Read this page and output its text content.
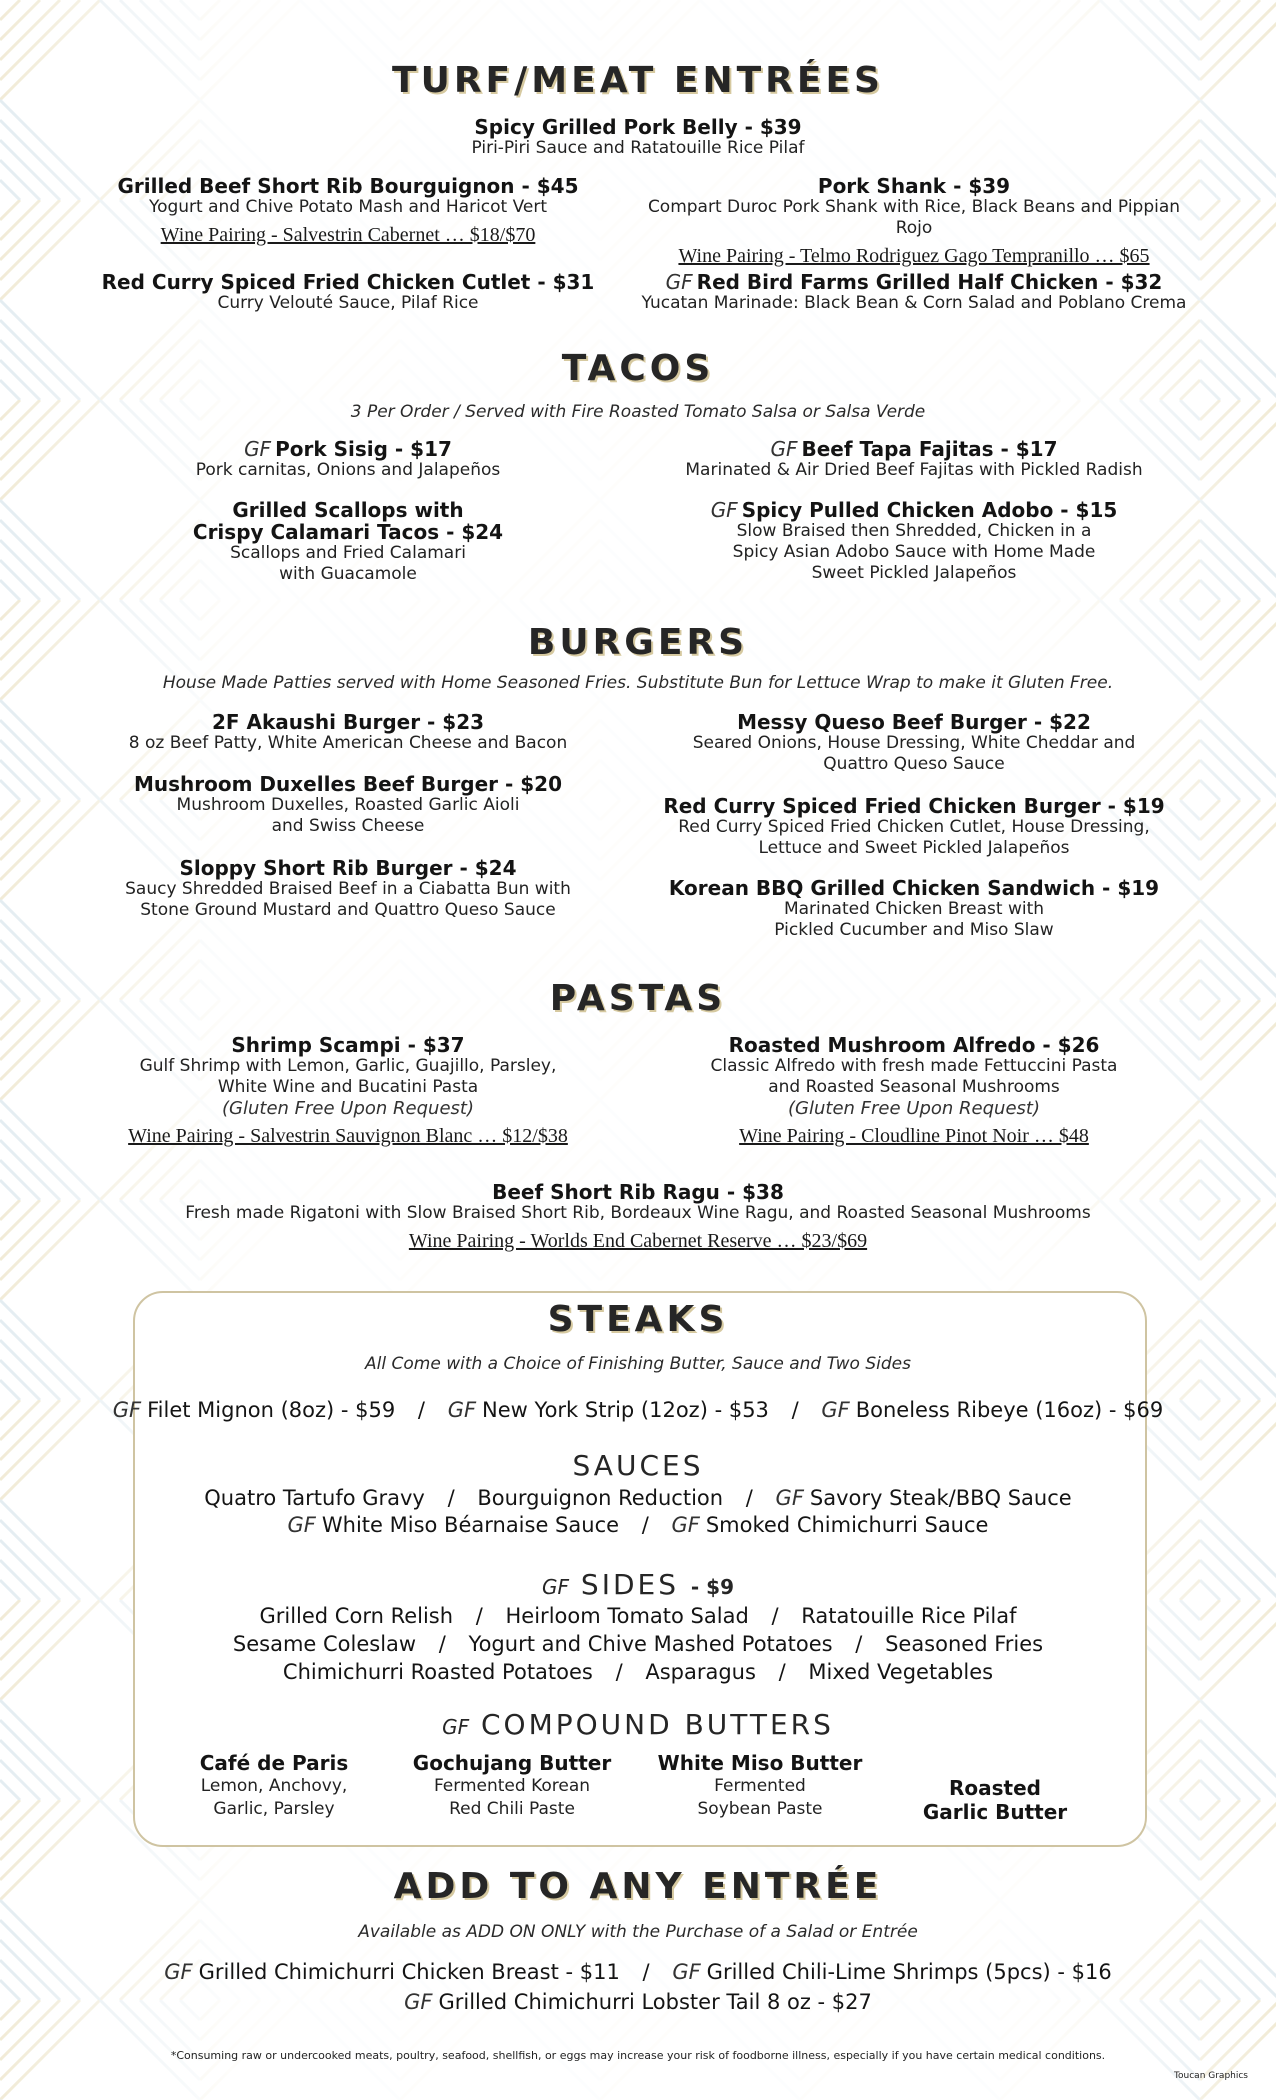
TURF/MEAT ENTRÉES
Spicy Grilled Pork Belly - $39
Piri-Piri Sauce and Ratatouille Rice Pilaf
Grilled Beef Short Rib Bourguignon - $45
Yogurt and Chive Potato Mash and Haricot Vert
Wine Pairing - Salvestrin Cabernet … $18/$70
Pork Shank - $39
Compart Duroc Pork Shank with Rice, Black Beans and Pippian Rojo
Wine Pairing - Telmo Rodriguez Gago Tempranillo … $65
Red Curry Spiced Fried Chicken Cutlet - $31
Curry Velouté Sauce, Pilaf Rice
GF Red Bird Farms Grilled Half Chicken - $32
Yucatan Marinade: Black Bean & Corn Salad and Poblano Crema
TACOS
3 Per Order / Served with Fire Roasted Tomato Salsa or Salsa Verde
GF Pork Sisig - $17
Pork carnitas, Onions and Jalapeños
GF Beef Tapa Fajitas - $17
Marinated & Air Dried Beef Fajitas with Pickled Radish
Grilled Scallops with
Crispy Calamari Tacos - $24
Scallops and Fried Calamari
with Guacamole
GF Spicy Pulled Chicken Adobo - $15
Slow Braised then Shredded, Chicken in a
Spicy Asian Adobo Sauce with Home Made
Sweet Pickled Jalapeños
BURGERS
House Made Patties served with Home Seasoned Fries. Substitute Bun for Lettuce Wrap to make it Gluten Free.
2F Akaushi Burger - $23
8 oz Beef Patty, White American Cheese and Bacon
Mushroom Duxelles Beef Burger - $20
Mushroom Duxelles, Roasted Garlic Aioli
and Swiss Cheese
Sloppy Short Rib Burger - $24
Saucy Shredded Braised Beef in a Ciabatta Bun with
Stone Ground Mustard and Quattro Queso Sauce
Messy Queso Beef Burger - $22
Seared Onions, House Dressing, White Cheddar and
Quattro Queso Sauce
Red Curry Spiced Fried Chicken Burger - $19
Red Curry Spiced Fried Chicken Cutlet, House Dressing,
Lettuce and Sweet Pickled Jalapeños
Korean BBQ Grilled Chicken Sandwich - $19
Marinated Chicken Breast with
Pickled Cucumber and Miso Slaw
PASTAS
Shrimp Scampi - $37
Gulf Shrimp with Lemon, Garlic, Guajillo, Parsley,
White Wine and Bucatini Pasta
(Gluten Free Upon Request)
Wine Pairing - Salvestrin Sauvignon Blanc … $12/$38
Roasted Mushroom Alfredo - $26
Classic Alfredo with fresh made Fettuccini Pasta
and Roasted Seasonal Mushrooms
(Gluten Free Upon Request)
Wine Pairing - Cloudline Pinot Noir … $48
Beef Short Rib Ragu - $38
Fresh made Rigatoni with Slow Braised Short Rib, Bordeaux Wine Ragu, and Roasted Seasonal Mushrooms
Wine Pairing - Worlds End Cabernet Reserve … $23/$69
STEAKS
All Come with a Choice of Finishing Butter, Sauce and Two Sides
GF Filet Mignon (8oz) - $59 / GF New York Strip (12oz) - $53 / GF Boneless Ribeye (16oz) - $69
SAUCES
Quatro Tartufo Gravy / Bourguignon Reduction / GF Savory Steak/BBQ Sauce
GF White Miso Béarnaise Sauce / GF Smoked Chimichurri Sauce
GF SIDES - $9
Grilled Corn Relish / Heirloom Tomato Salad / Ratatouille Rice Pilaf
Sesame Coleslaw / Yogurt and Chive Mashed Potatoes / Seasoned Fries
Chimichurri Roasted Potatoes / Asparagus / Mixed Vegetables
GF COMPOUND BUTTERS
Café de Paris
Lemon, Anchovy,
Garlic, Parsley
Gochujang Butter
Fermented Korean
Red Chili Paste
White Miso Butter
Fermented
Soybean Paste
Roasted
Garlic Butter
ADD TO ANY ENTRÉE
Available as ADD ON ONLY with the Purchase of a Salad or Entrée
GF Grilled Chimichurri Chicken Breast - $11 / GF Grilled Chili-Lime Shrimps (5pcs) - $16
GF Grilled Chimichurri Lobster Tail 8 oz - $27
*Consuming raw or undercooked meats, poultry, seafood, shellfish, or eggs may increase your risk of foodborne illness, especially if you have certain medical conditions.
Toucan Graphics
